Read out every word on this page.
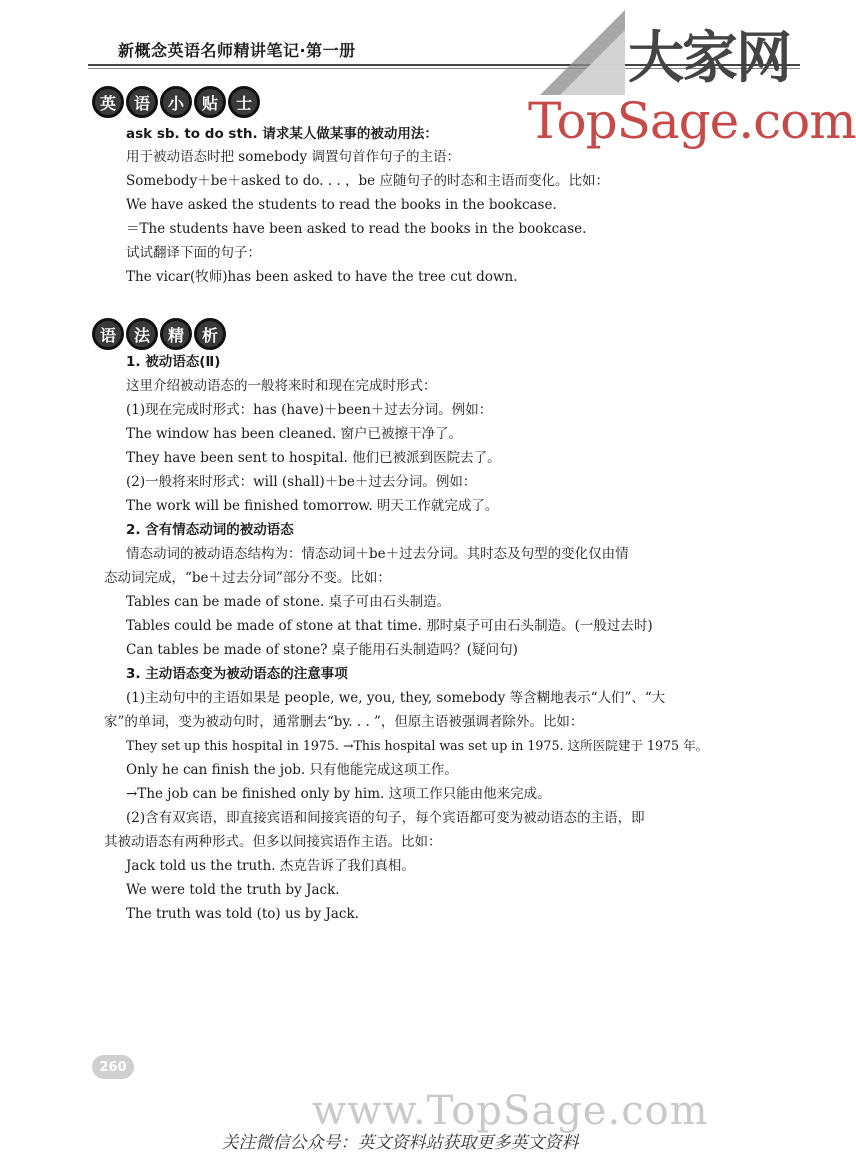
新概念英语名师精讲笔记·第一册	大家网
TopSage.com
英	语	小	贴	士
ask sb. to do sth. 请求某人做某事的被动用法：
用于被动语态时把 somebody 调置句首作句子的主语：
Somebody＋be＋asked to do. . . ，be 应随句子的时态和主语而变化。比如：
We have asked the students to read the books in the bookcase.
＝The students have been asked to read the books in the bookcase.
试试翻译下面的句子：
The vicar(牧师)has been asked to have the tree cut down.
语	法	精	析
1. 被动语态(Ⅱ)
这里介绍被动语态的一般将来时和现在完成时形式：
(1)现在完成时形式：has (have)＋been＋过去分词。例如：
The window has been cleaned. 窗户已被擦干净了。
They have been sent to hospital. 他们已被派到医院去了。
(2)一般将来时形式：will (shall)＋be＋过去分词。例如：
The work will be finished tomorrow. 明天工作就完成了。
2. 含有情态动词的被动语态
情态动词的被动语态结构为：情态动词＋be＋过去分词。其时态及句型的变化仅由情
态动词完成，“be＋过去分词”部分不变。比如：
Tables can be made of stone. 桌子可由石头制造。
Tables could be made of stone at that time. 那时桌子可由石头制造。(一般过去时)
Can tables be made of stone? 桌子能用石头制造吗？(疑问句)
3. 主动语态变为被动语态的注意事项
(1)主动句中的主语如果是 people, we, you, they, somebody 等含糊地表示“人们”、“大
家”的单词，变为被动句时，通常删去“by. . . ”，但原主语被强调者除外。比如：
They set up this hospital in 1975. →This hospital was set up in 1975. 这所医院建于 1975 年。
Only he can finish the job. 只有他能完成这项工作。
→The job can be finished only by him. 这项工作只能由他来完成。
(2)含有双宾语，即直接宾语和间接宾语的句子，每个宾语都可变为被动语态的主语，即
其被动语态有两种形式。但多以间接宾语作主语。比如：
Jack told us the truth. 杰克告诉了我们真相。
We were told the truth by Jack.
The truth was told (to) us by Jack.
260
www.TopSage.com
关注微信公众号：英文资料站获取更多英文资料
